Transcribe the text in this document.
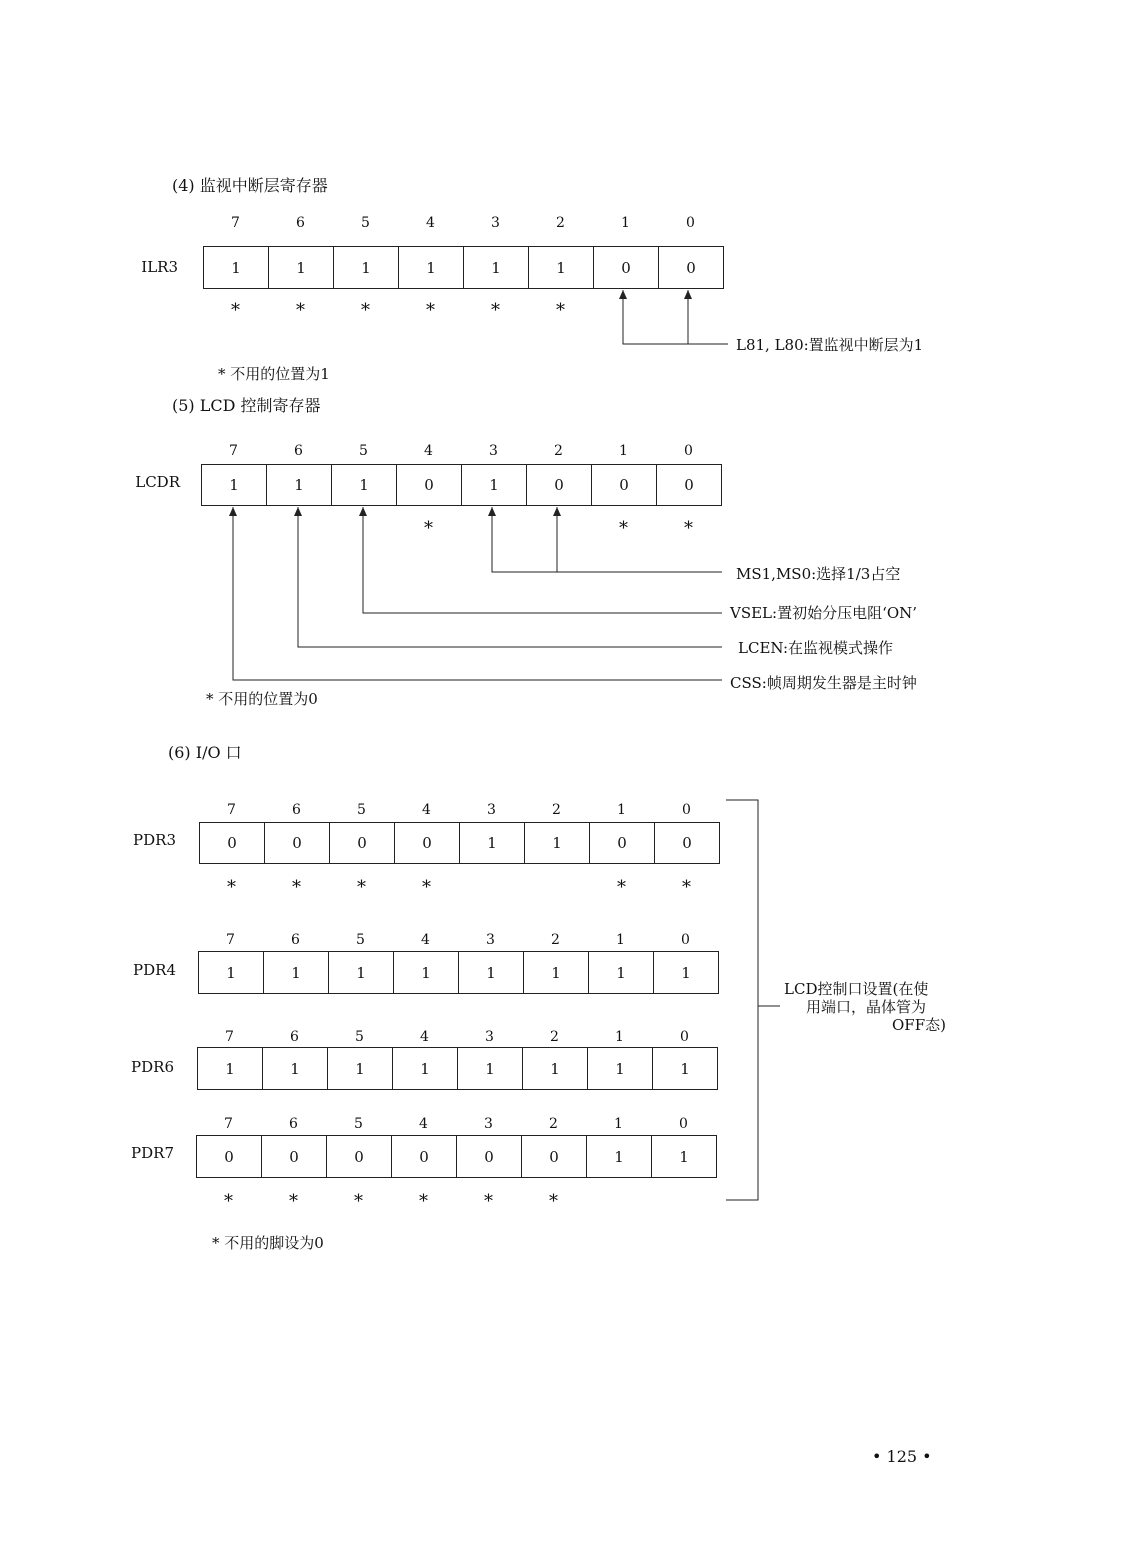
(4) 监视中断层寄存器
ILR3
7
1
*
6
1
*
5
1
*
4
1
*
3
1
*
2
1
*
1
0
0
0
L81, L80:置监视中断层为1
* 不用的位置为1
(5) LCD 控制寄存器
LCDR
7
1
6
1
5
1
4
0
*
3
1
2
0
1
0
*
0
0
*
MS1,MS0:选择1/3占空
VSEL:置初始分压电阻‘ON’
LCEN:在监视模式操作
CSS:帧周期发生器是主时钟
* 不用的位置为0
(6) I/O 口
PDR3
PDR4
PDR6
PDR7
7
0
*
6
0
*
5
0
*
4
0
*
3
1
2
1
1
0
*
0
0
*
7
1
6
1
5
1
4
1
3
1
2
1
1
1
0
1
7
1
6
1
5
1
4
1
3
1
2
1
1
1
0
1
7
0
*
6
0
*
5
0
*
4
0
*
3
0
*
2
0
*
1
1
0
1
LCD控制口设置(在使
用端口，晶体管为
OFF态)
* 不用的脚设为0
• 125 •
